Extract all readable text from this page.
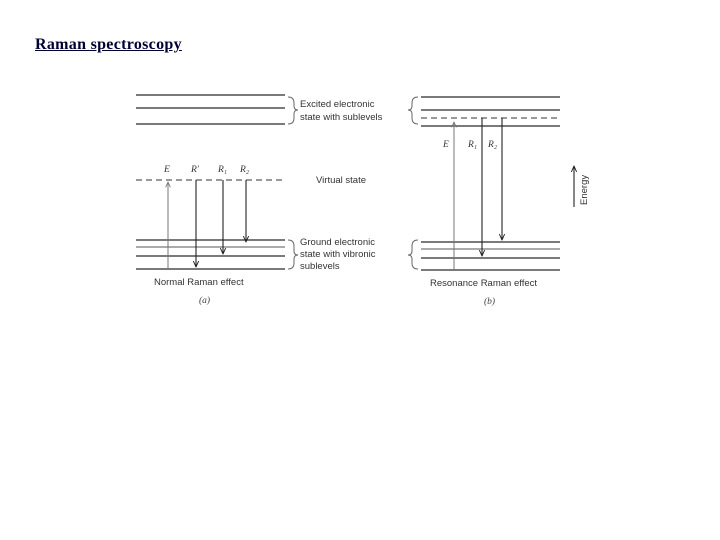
Raman spectroscopy
E R′ R₁ R₂
Excited electronic
state with sublevels
Virtual state
Ground electronic
state with vibronic
sublevels
E R₁ R₂
Energy
Normal Raman effect
(a)
Resonance Raman effect
(b)
